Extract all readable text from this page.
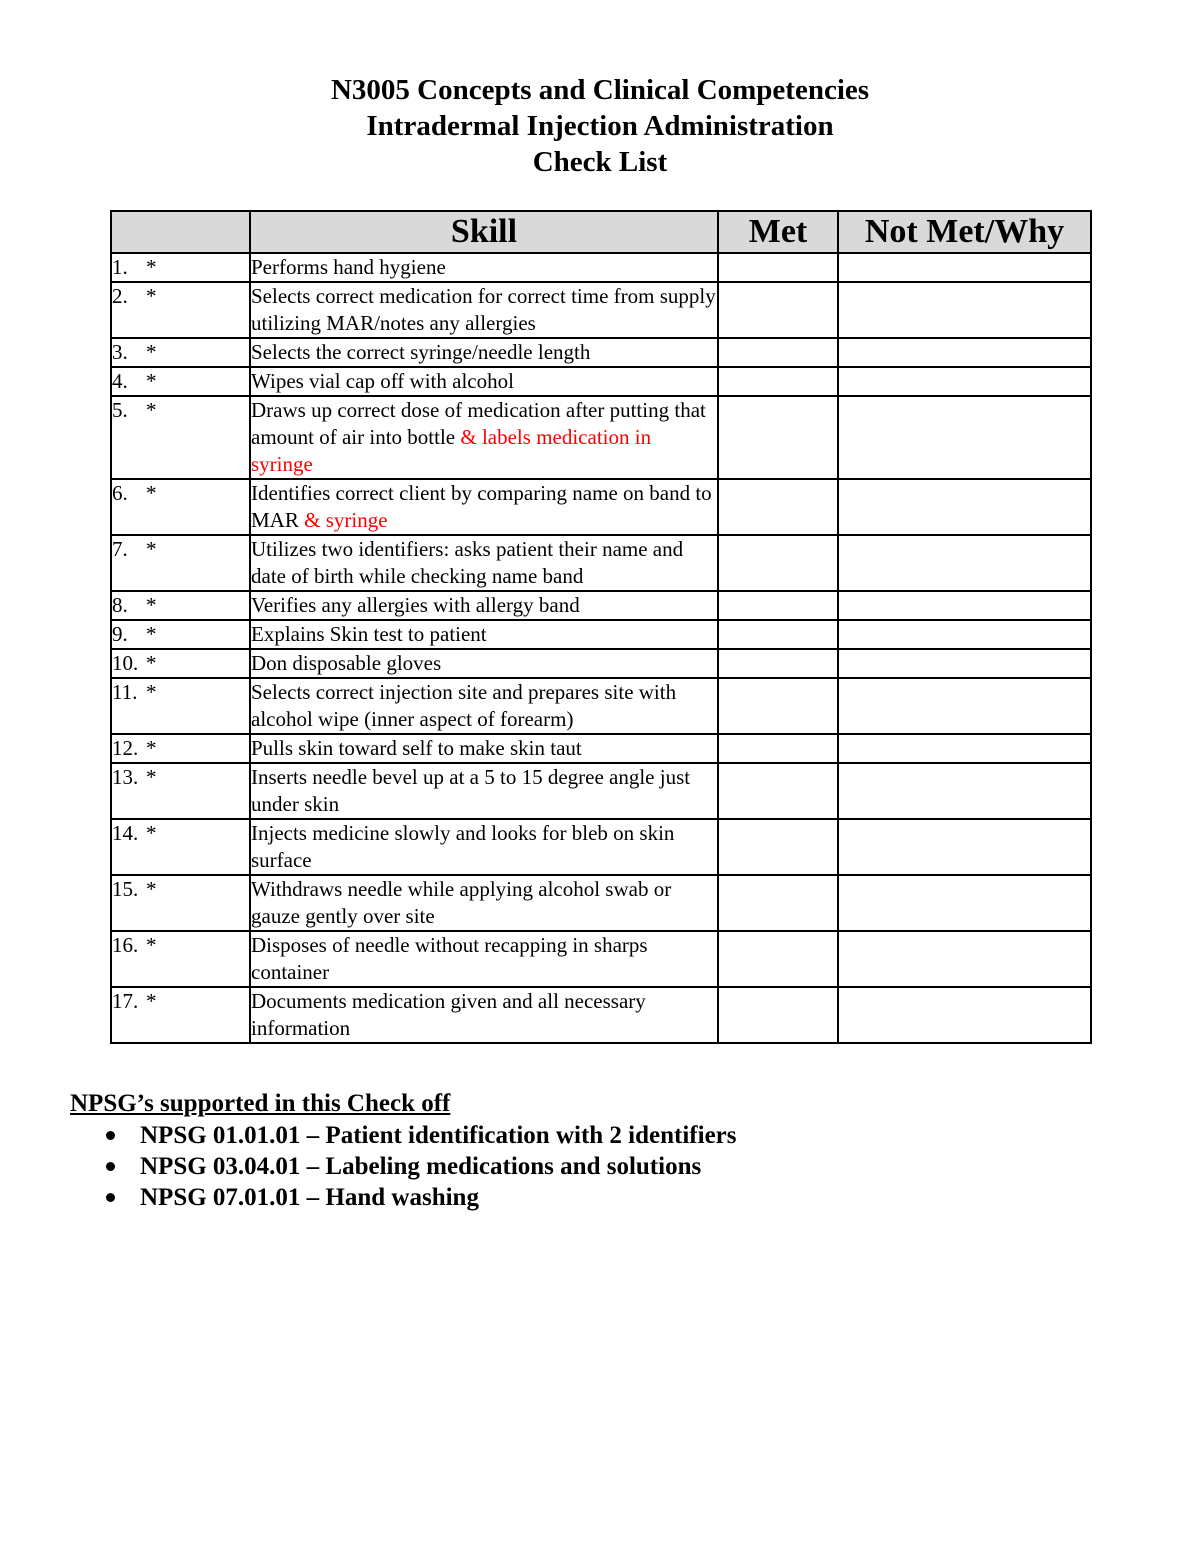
N3005 Concepts and Clinical Competencies
Intradermal Injection Administration
Check List
	Skill	Met	Not Met/Why
1. *	Performs hand hygiene		
2. *	Selects correct medication for correct time from supply utilizing MAR/notes any allergies		
3. *	Selects the correct syringe/needle length		
4. *	Wipes vial cap off with alcohol		
5. *	Draws up correct dose of medication after putting that amount of air into bottle & labels medication in syringe		
6. *	Identifies correct client by comparing name on band to MAR & syringe		
7. *	Utilizes two identifiers: asks patient their name and date of birth while checking name band		
8. *	Verifies any allergies with allergy band		
9. *	Explains Skin test to patient		
10. *	Don disposable gloves		
11. *	Selects correct injection site and prepares site with alcohol wipe (inner aspect of forearm)		
12. *	Pulls skin toward self to make skin taut		
13. *	Inserts needle bevel up at a 5 to 15 degree angle just under skin		
14. *	Injects medicine slowly and looks for bleb on skin surface		
15. *	Withdraws needle while applying alcohol swab or gauze gently over site		
16. *	Disposes of needle without recapping in sharps container		
17. *	Documents medication given and all necessary information		
NPSG’s supported in this Check off
NPSG 01.01.01 – Patient identification with 2 identifiers
NPSG 03.04.01 – Labeling medications and solutions
NPSG 07.01.01 – Hand washing
